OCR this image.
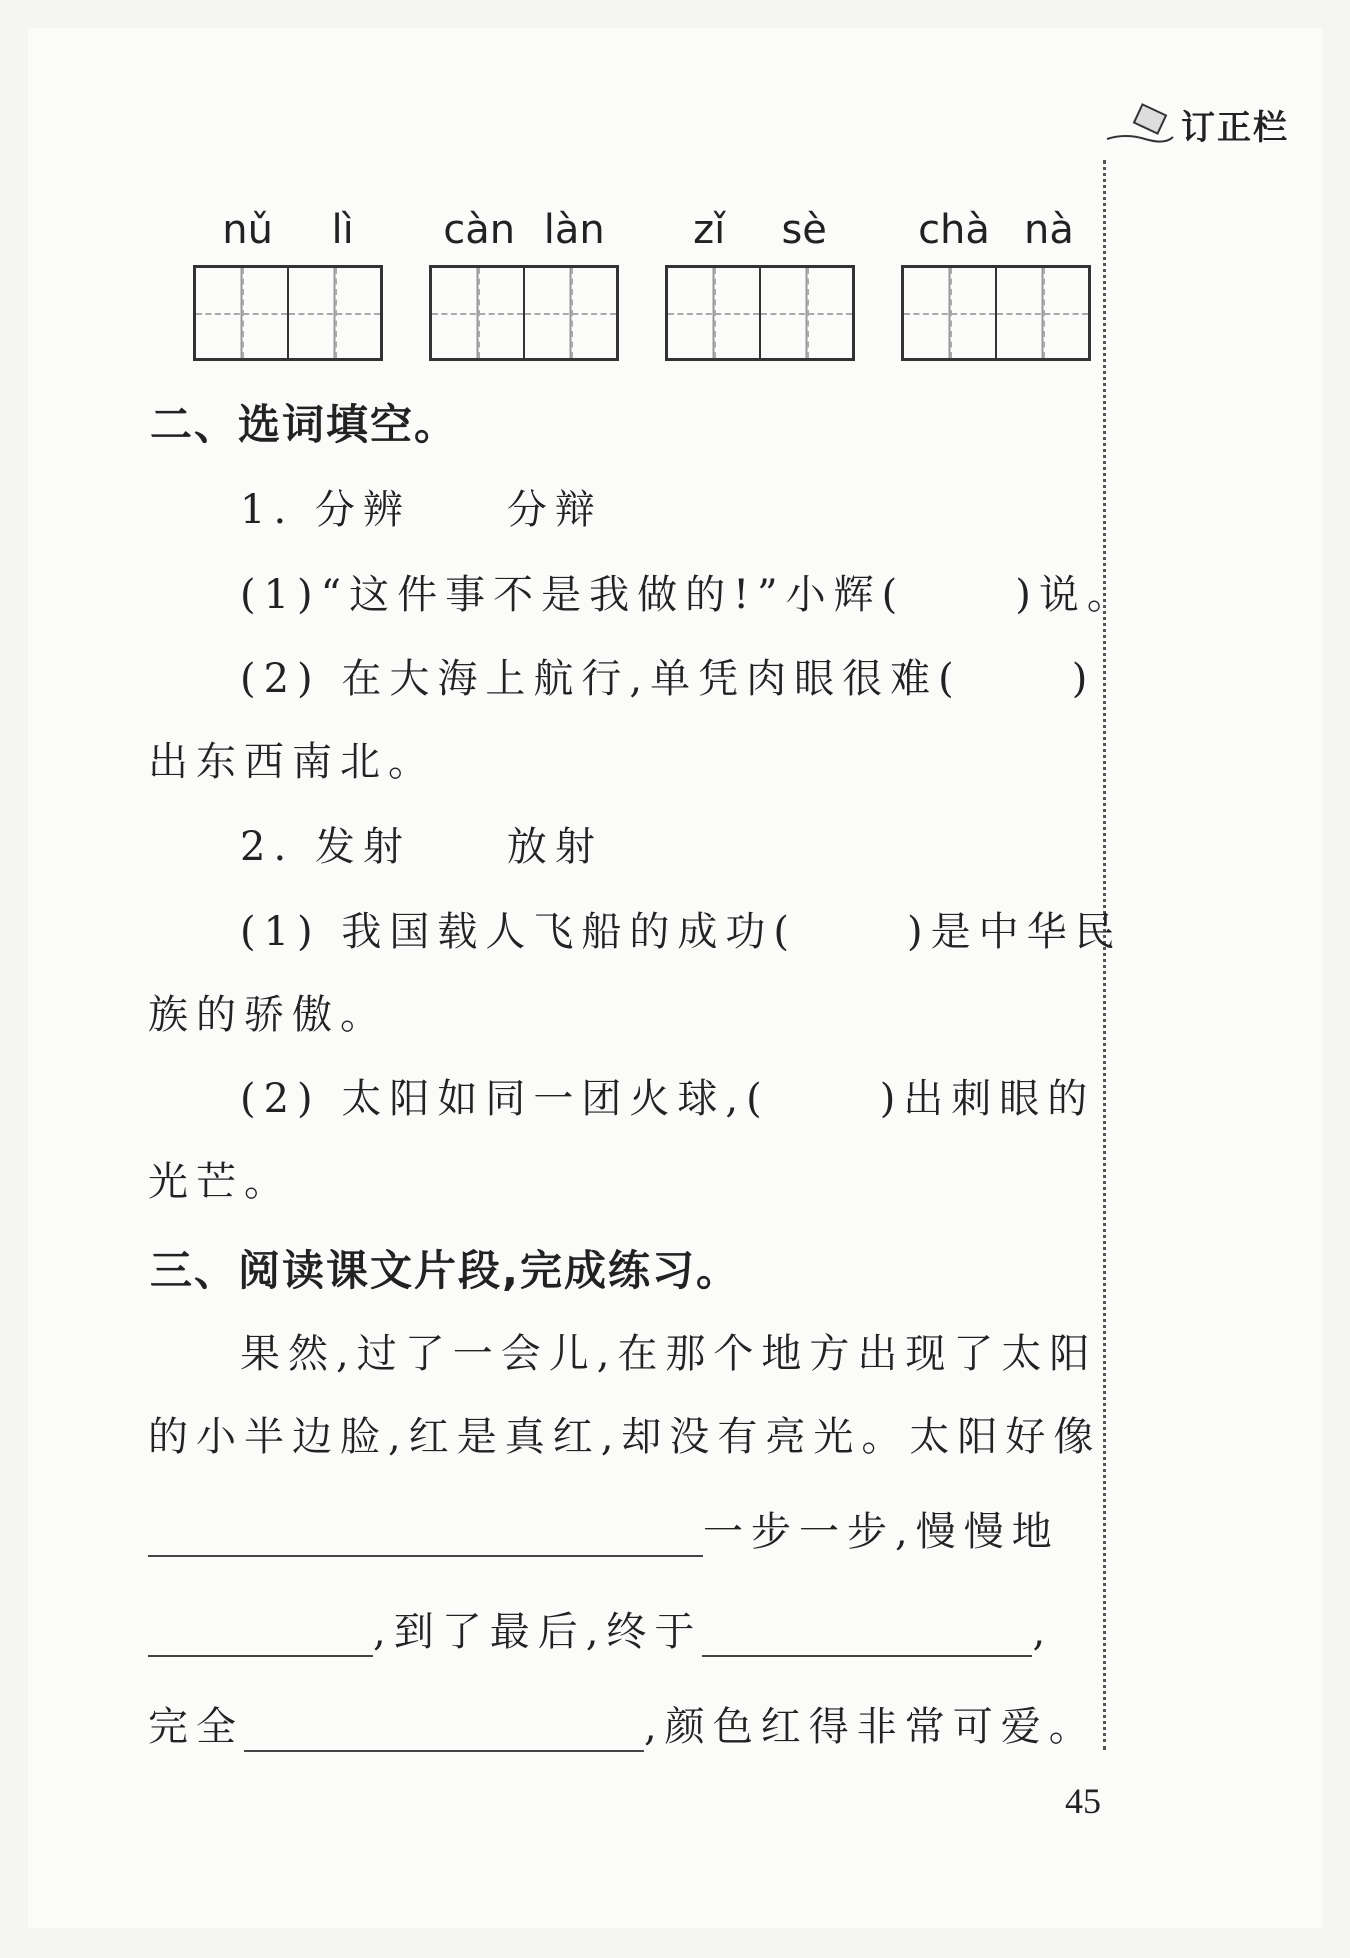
订正栏
nǔ lì càn làn zǐ sè chà nà
二、选词填空。
1. 分辨　　分辩
(1)“这件事不是我做的!”小辉(	)说。
(2) 在大海上航行,单凭肉眼很难(	)
出东西南北。
2. 发射　　放射
(1) 我国载人飞船的成功(	)是中华民
族的骄傲。
(2) 太阳如同一团火球,(	)出刺眼的
光芒。
三、阅读课文片段,完成练习。
果然,过了一会儿,在那个地方出现了太阳
的小半边脸,红是真红,却没有亮光。太阳好像
一步一步,慢慢地
,到了最后,终于	,
完全	,颜色红得非常可爱。
45
